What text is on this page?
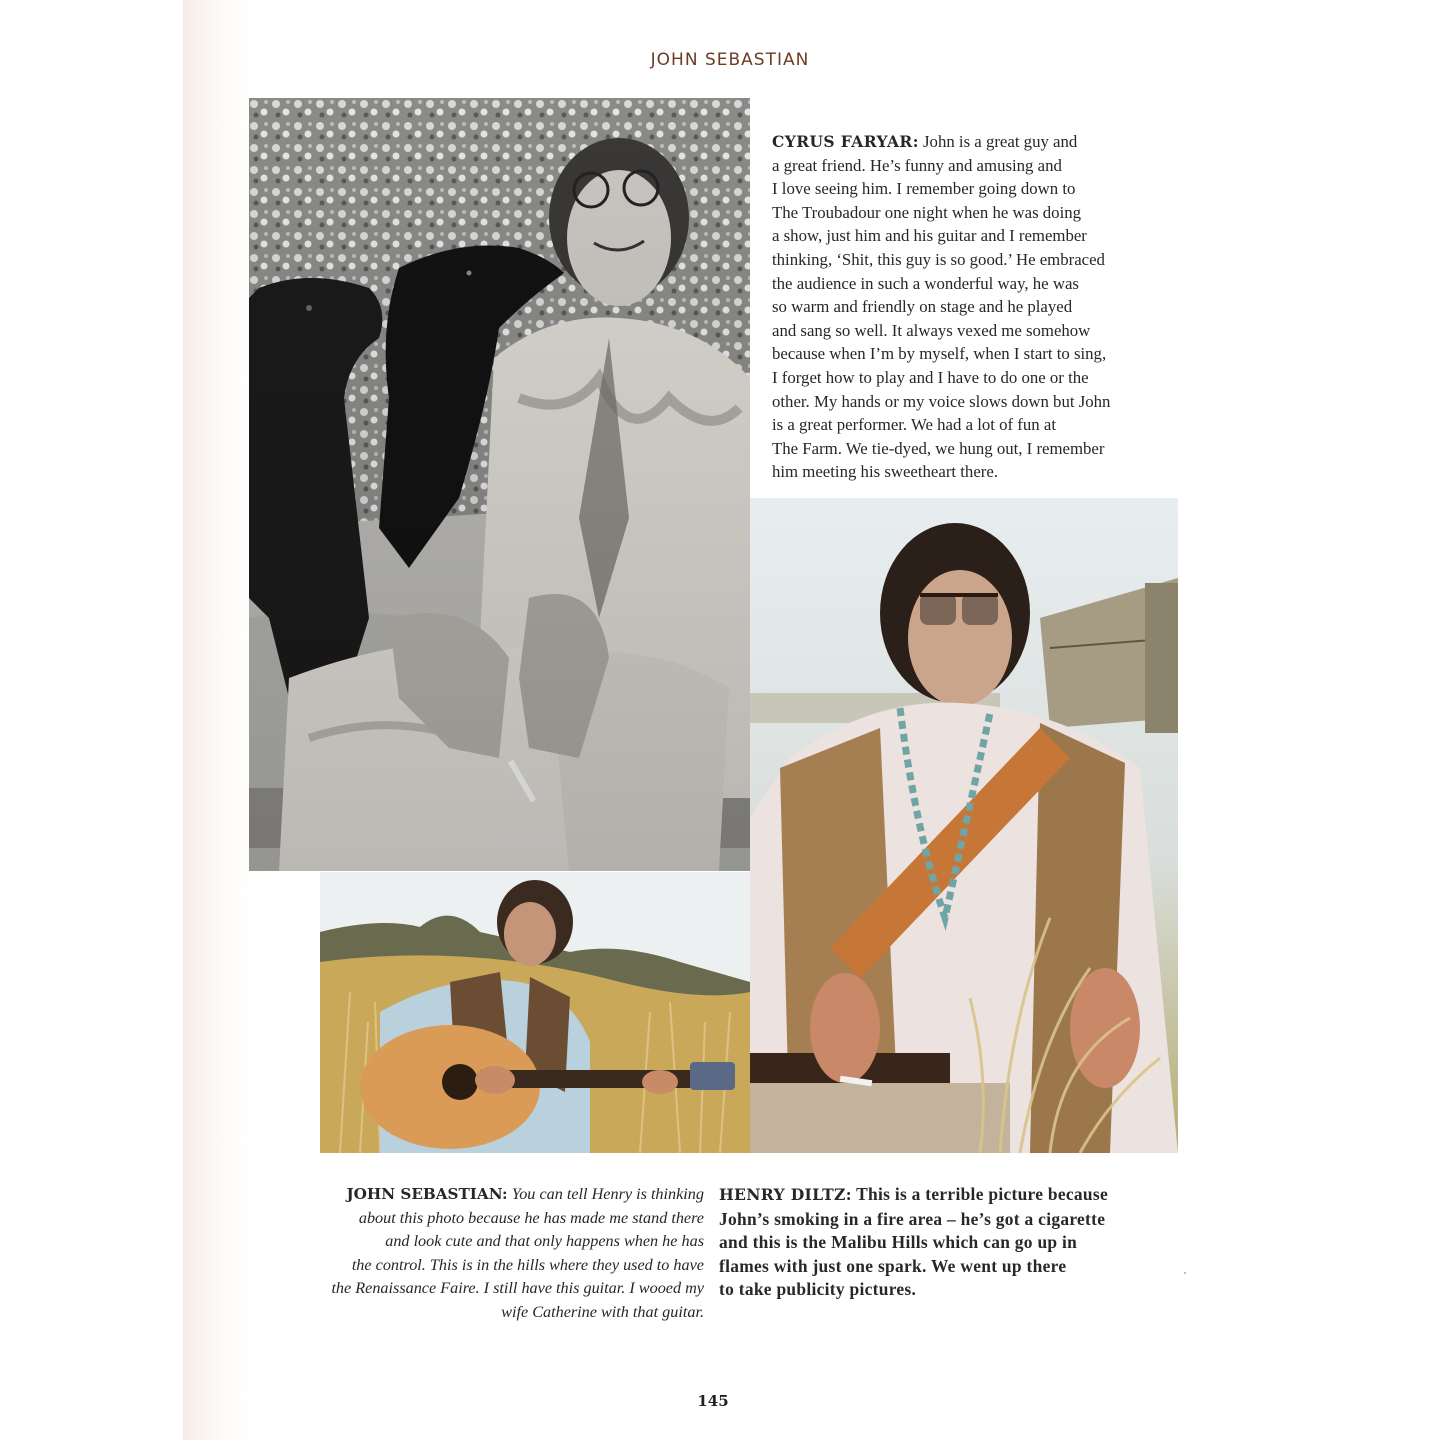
JOHN SEBASTIAN
CYRUS FARYAR: John is a great guy and
a great friend. He’s funny and amusing and
I love seeing him. I remember going down to
The Troubadour one night when he was doing
a show, just him and his guitar and I remember
thinking, ‘Shit, this guy is so good.’ He embraced
the audience in such a wonderful way, he was
so warm and friendly on stage and he played
and sang so well. It always vexed me somehow
because when I’m by myself, when I start to sing,
I forget how to play and I have to do one or the
other. My hands or my voice slows down but John
is a great performer. We had a lot of fun at
The Farm. We tie-dyed, we hung out, I remember
him meeting his sweetheart there.
JOHN SEBASTIAN: You can tell Henry is thinking
about this photo because he has made me stand there
and look cute and that only happens when he has
the control. This is in the hills where they used to have
the Renaissance Faire. I still have this guitar. I wooed my
wife Catherine with that guitar.
HENRY DILTZ: This is a terrible picture because
John’s smoking in a fire area – he’s got a cigarette
and this is the Malibu Hills which can go up in
flames with just one spark. We went up there
to take publicity pictures.
145
